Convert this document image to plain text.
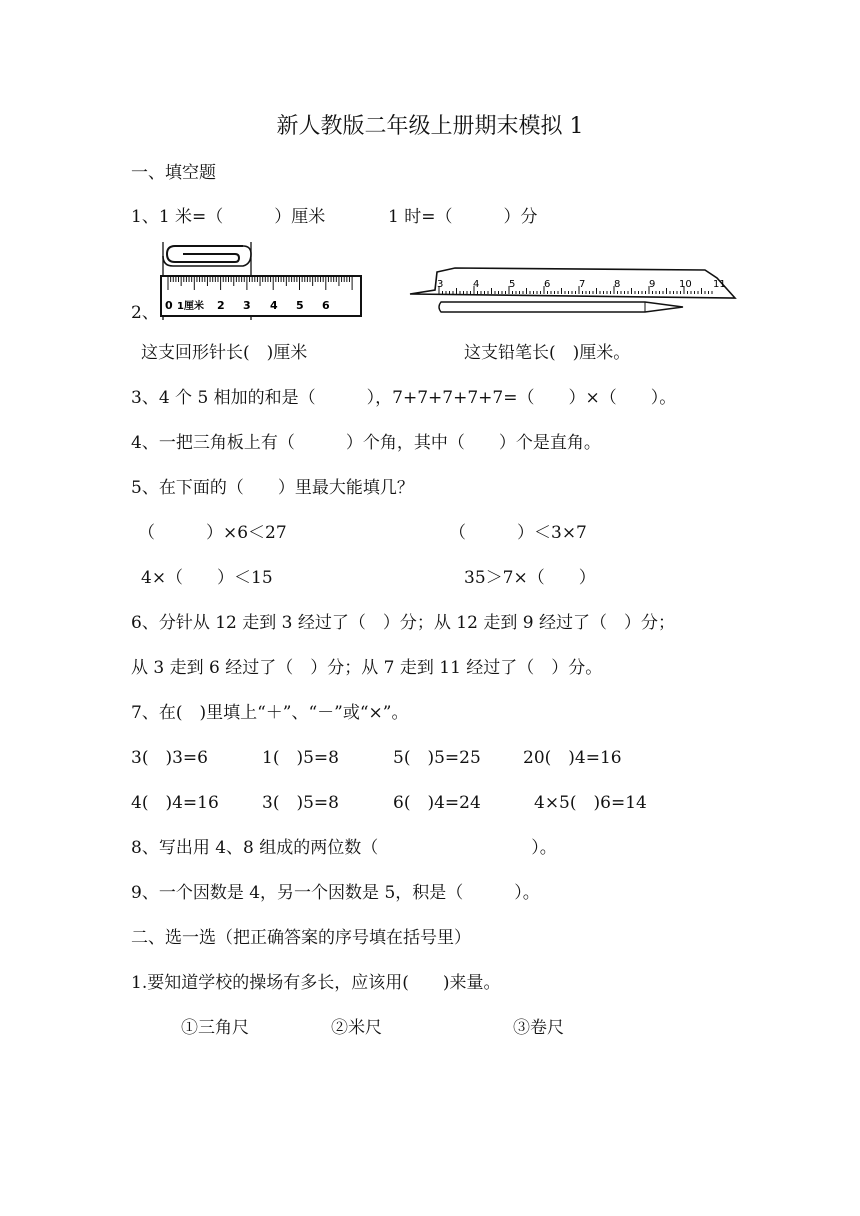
新人教版二年级上册期末模拟 1
一、填空题
1、1 米=（　　　）厘米	1 时=（　　　）分
2、 0 1厘米 2 3 4 5 6
3	4	5	6	7	8	9 10 11
这支回形针长(　)厘米	这支铅笔长(　)厘米。
3、4 个 5 相加的和是（　　　），7+7+7+7+7=（　　）×（　　）。
4、一把三角板上有（　　　）个角，其中（　　）个是直角。
5、在下面的（　　）里最大能填几？
（　　　）×6＜27	（　　　）＜3×7
4×（　　）＜15	35＞7×（　　）
6、分针从 12 走到 3 经过了（　）分；从 12 走到 9 经过了（　）分；
从 3 走到 6 经过了（　）分；从 7 走到 11 经过了（　）分。
7、在(　)里填上“＋”、“－”或“×”。
3(　)3=6	1(　)5=8	5(　)5=25 20(　)4=16
4(　)4=16	3(　)5=8	6(　)4=24	4×5(　)6=14
8、写出用 4、8 组成的两位数（　　　　　　　　　）。
9、一个因数是 4，另一个因数是 5，积是（　　　）。
二、选一选（把正确答案的序号填在括号里）
1.要知道学校的操场有多长，应该用(　　)来量。
①三角尺	②米尺	③卷尺
